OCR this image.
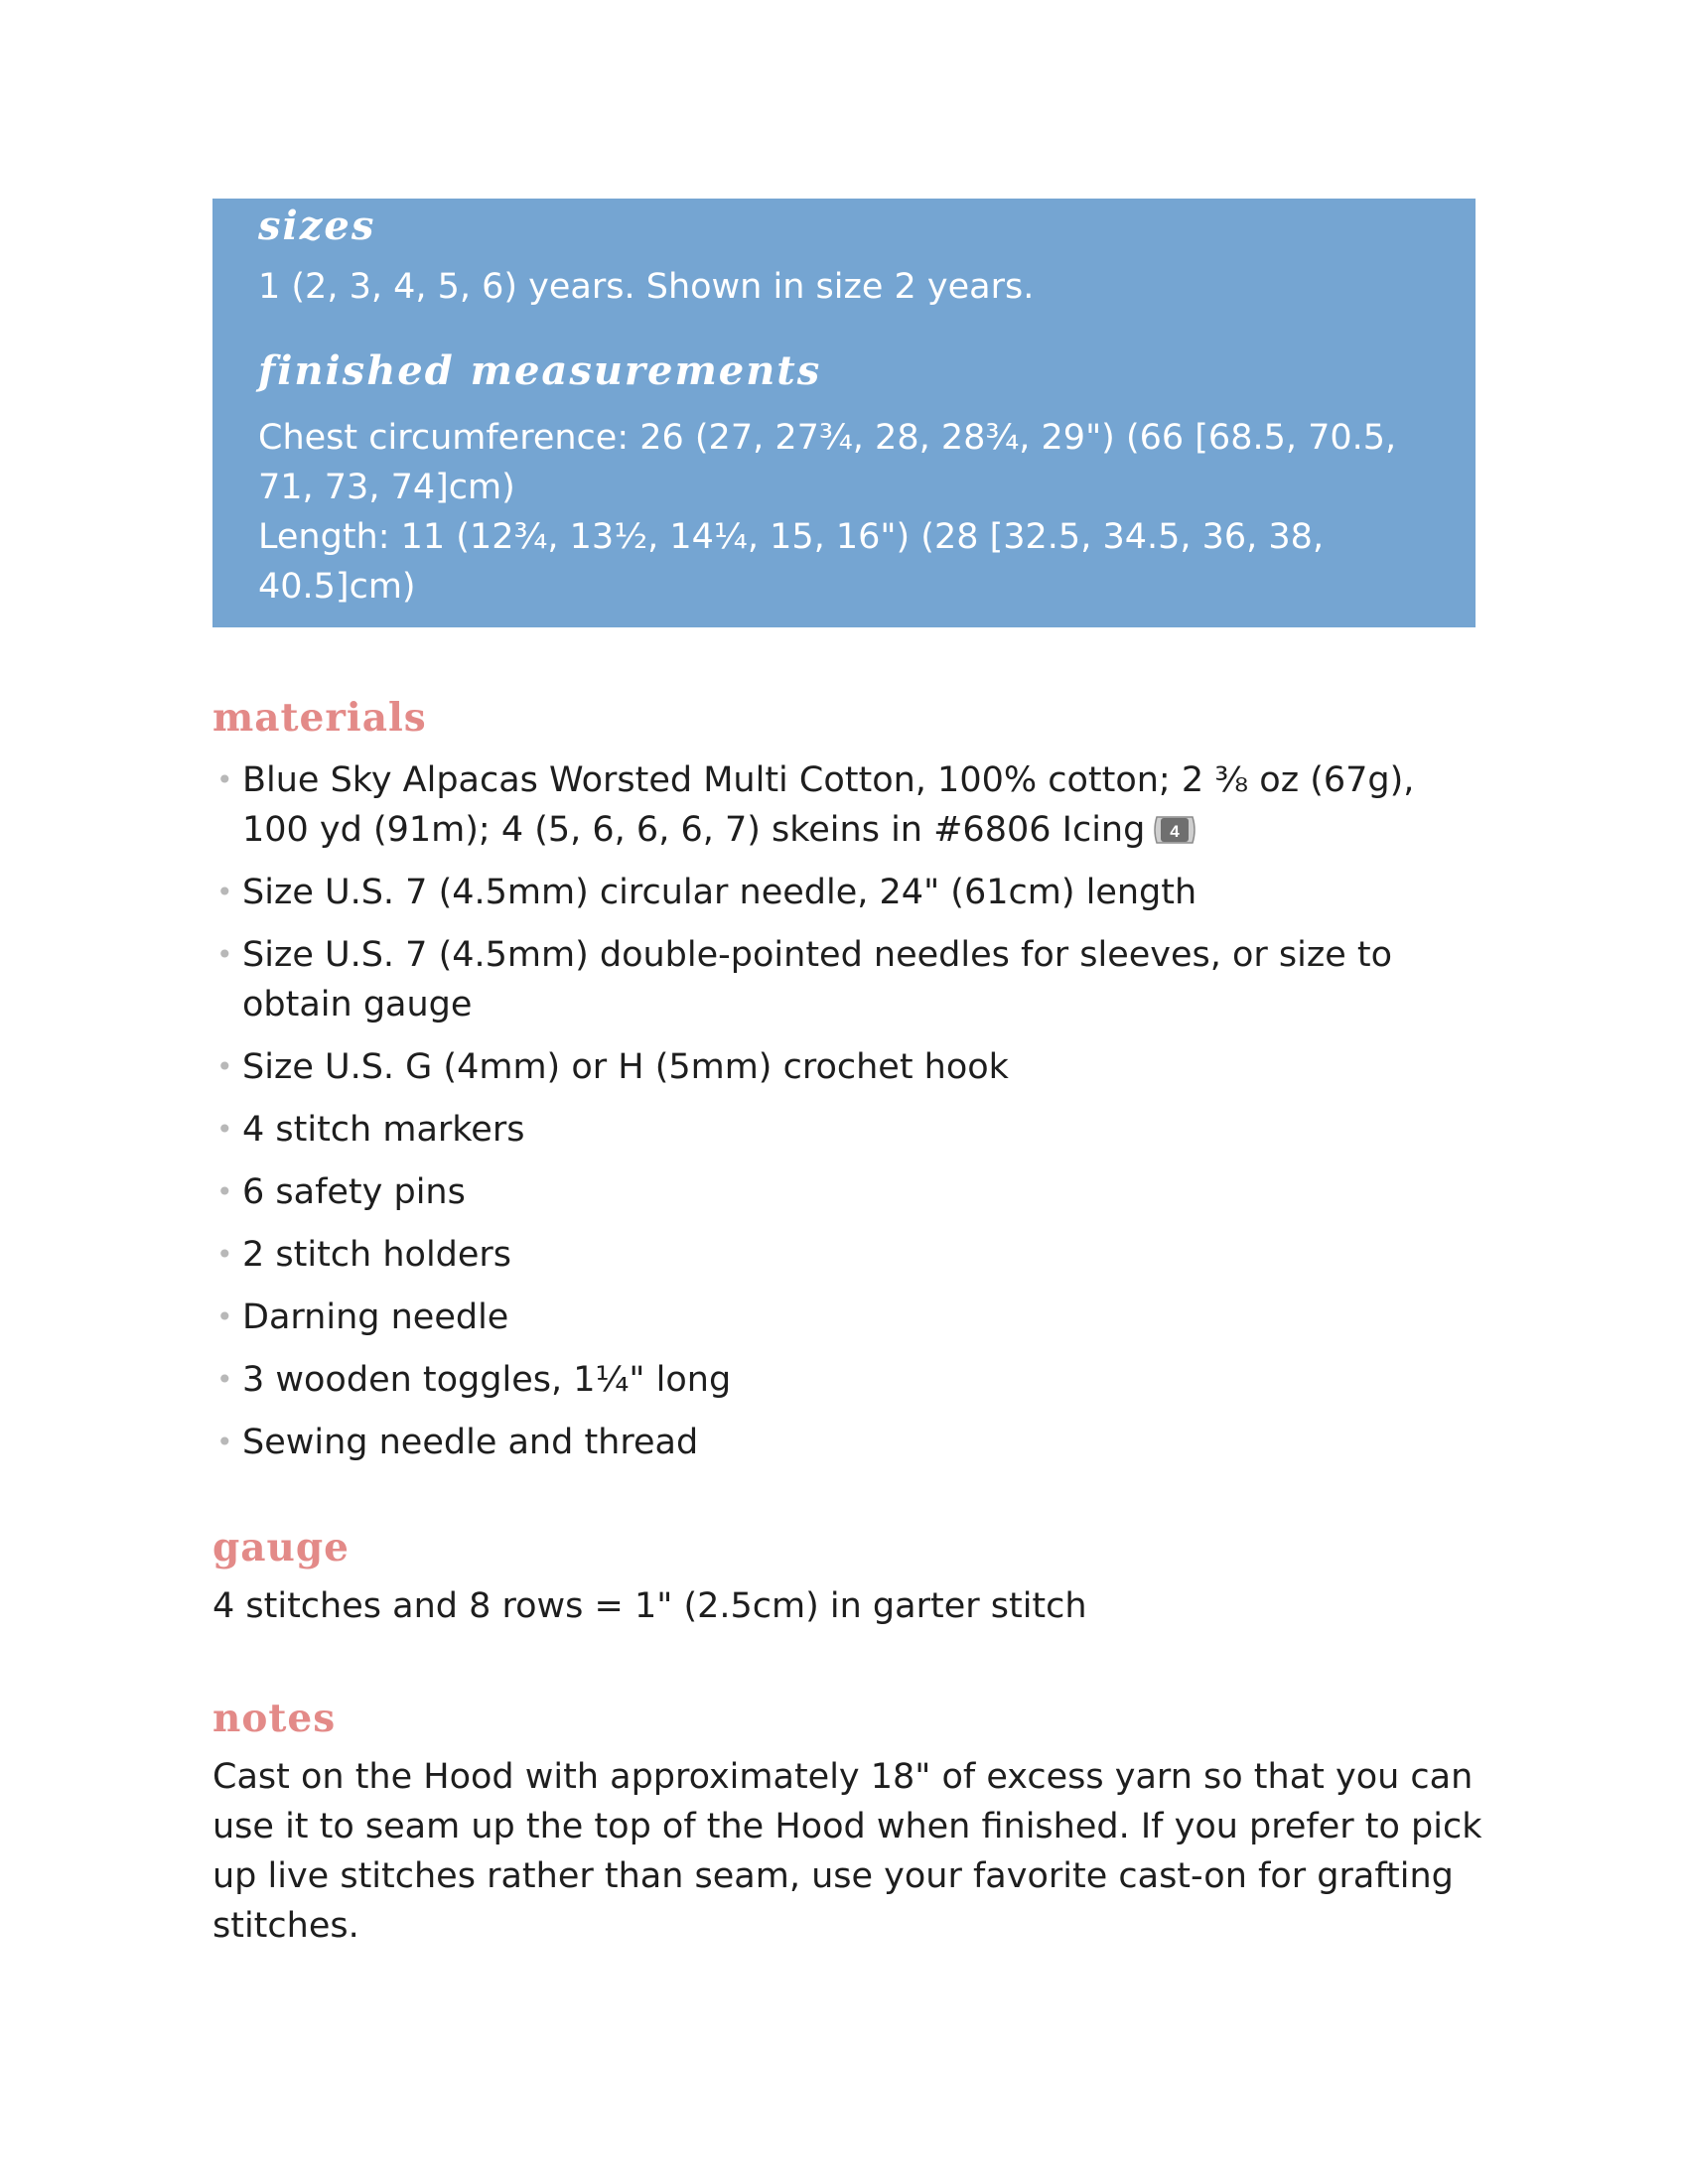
sizes

1 (2, 3, 4, 5, 6) years. Shown in size 2 years.

finished measurements

Chest circumference: 26 (27, 27¾, 28, 28¾, 29") (66 [68.5, 70.5, 71, 73, 74]cm)

Length: 11 (12¾, 13½, 14¼, 15, 16") (28 [32.5, 34.5, 36, 38, 40.5]cm)

materials
• Blue Sky Alpacas Worsted Multi Cotton, 100% cotton; 2 ⅜ oz (67g), 100 yd (91m); 4 (5, 6, 6, 6, 7) skeins in #6806 Icing 4
• Size U.S. 7 (4.5mm) circular needle, 24" (61cm) length
• Size U.S. 7 (4.5mm) double-pointed needles for sleeves, or size to obtain gauge
• Size U.S. G (4mm) or H (5mm) crochet hook
• 4 stitch markers
• 6 safety pins
• 2 stitch holders
• Darning needle
• 3 wooden toggles, 1¼" long
• Sewing needle and thread
gauge

4 stitches and 8 rows = 1" (2.5cm) in garter stitch

notes

Cast on the Hood with approximately 18" of excess yarn so that you can use it to seam up the top of the Hood when finished. If you prefer to pick up live stitches rather than seam, use your favorite cast-on for grafting stitches.
